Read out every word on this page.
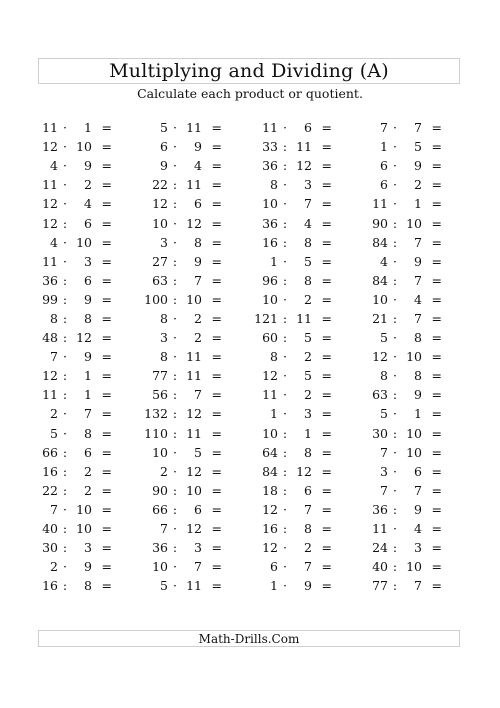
Multiplying and Dividing (A)
Calculate each product or quotient.
11 ·	1 =
12 · 10 =
4 ·	9 =
11 ·	2 =
12 ·	4 =
12 :	6 =
4 · 10 =
11 ·	3 =
36 :	6 =
99 :	9 =
8 :	8 =
48 : 12 =
7 ·	9 =
12 :	1 =
11 :	1 =
2 ·	7 =
5 ·	8 =
66 :	6 =
16 :	2 =
22 :	2 =
7 · 10 =
40 : 10 =
30 :	3 =
2 ·	9 =
16 :	8 =
5 · 11 =
6 ·	9 =
9 ·	4 =
22 : 11 =
12 :	6 =
10 · 12 =
3 ·	8 =
27 :	9 =
63 :	7 =
100 : 10 =
8 ·	2 =
3 ·	2 =
8 · 11 =
77 : 11 =
56 :	7 =
132 : 12 =
110 : 11 =
10 ·	5 =
2 · 12 =
90 : 10 =
66 :	6 =
7 · 12 =
36 :	3 =
10 ·	7 =
5 · 11 =
11 ·	6 =
33 : 11 =
36 : 12 =
8 ·	3 =
10 ·	7 =
36 :	4 =
16 :	8 =
1 ·	5 =
96 :	8 =
10 ·	2 =
121 : 11 =
60 :	5 =
8 ·	2 =
12 ·	5 =
11 ·	2 =
1 ·	3 =
10 :	1 =
64 :	8 =
84 : 12 =
18 :	6 =
12 ·	7 =
16 :	8 =
12 ·	2 =
6 ·	7 =
1 ·	9 =
7 ·	7 =
1 ·	5 =
6 ·	9 =
6 ·	2 =
11 ·	1 =
90 : 10 =
84 :	7 =
4 ·	9 =
84 :	7 =
10 ·	4 =
21 :	7 =
5 ·	8 =
12 · 10 =
8 ·	8 =
63 :	9 =
5 ·	1 =
30 : 10 =
7 · 10 =
3 ·	6 =
7 ·	7 =
36 :	9 =
11 ·	4 =
24 :	3 =
40 : 10 =
77 :	7 =
Math-Drills.Com
